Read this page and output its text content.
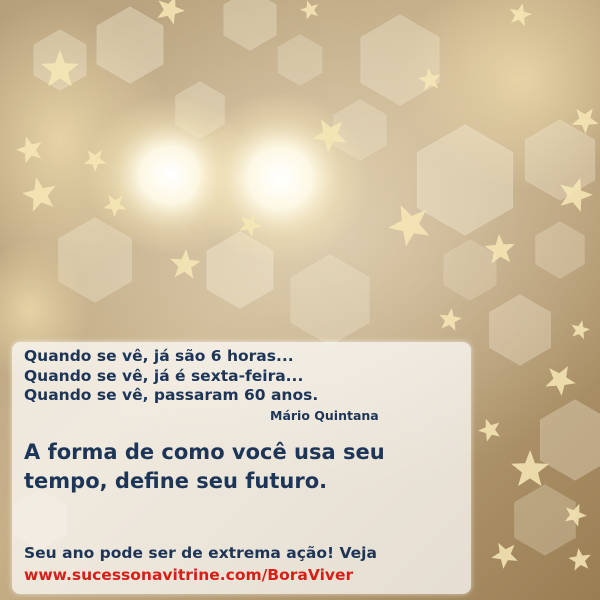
Quando se vê, já são 6 horas...
Quando se vê, já é sexta-feira...
Quando se vê, passaram 60 anos.

Mário Quintana

A forma de como você usa seu
tempo, define seu futuro.

Seu ano pode ser de extrema ação! Veja
www.sucessonavitrine.com/BoraViver
